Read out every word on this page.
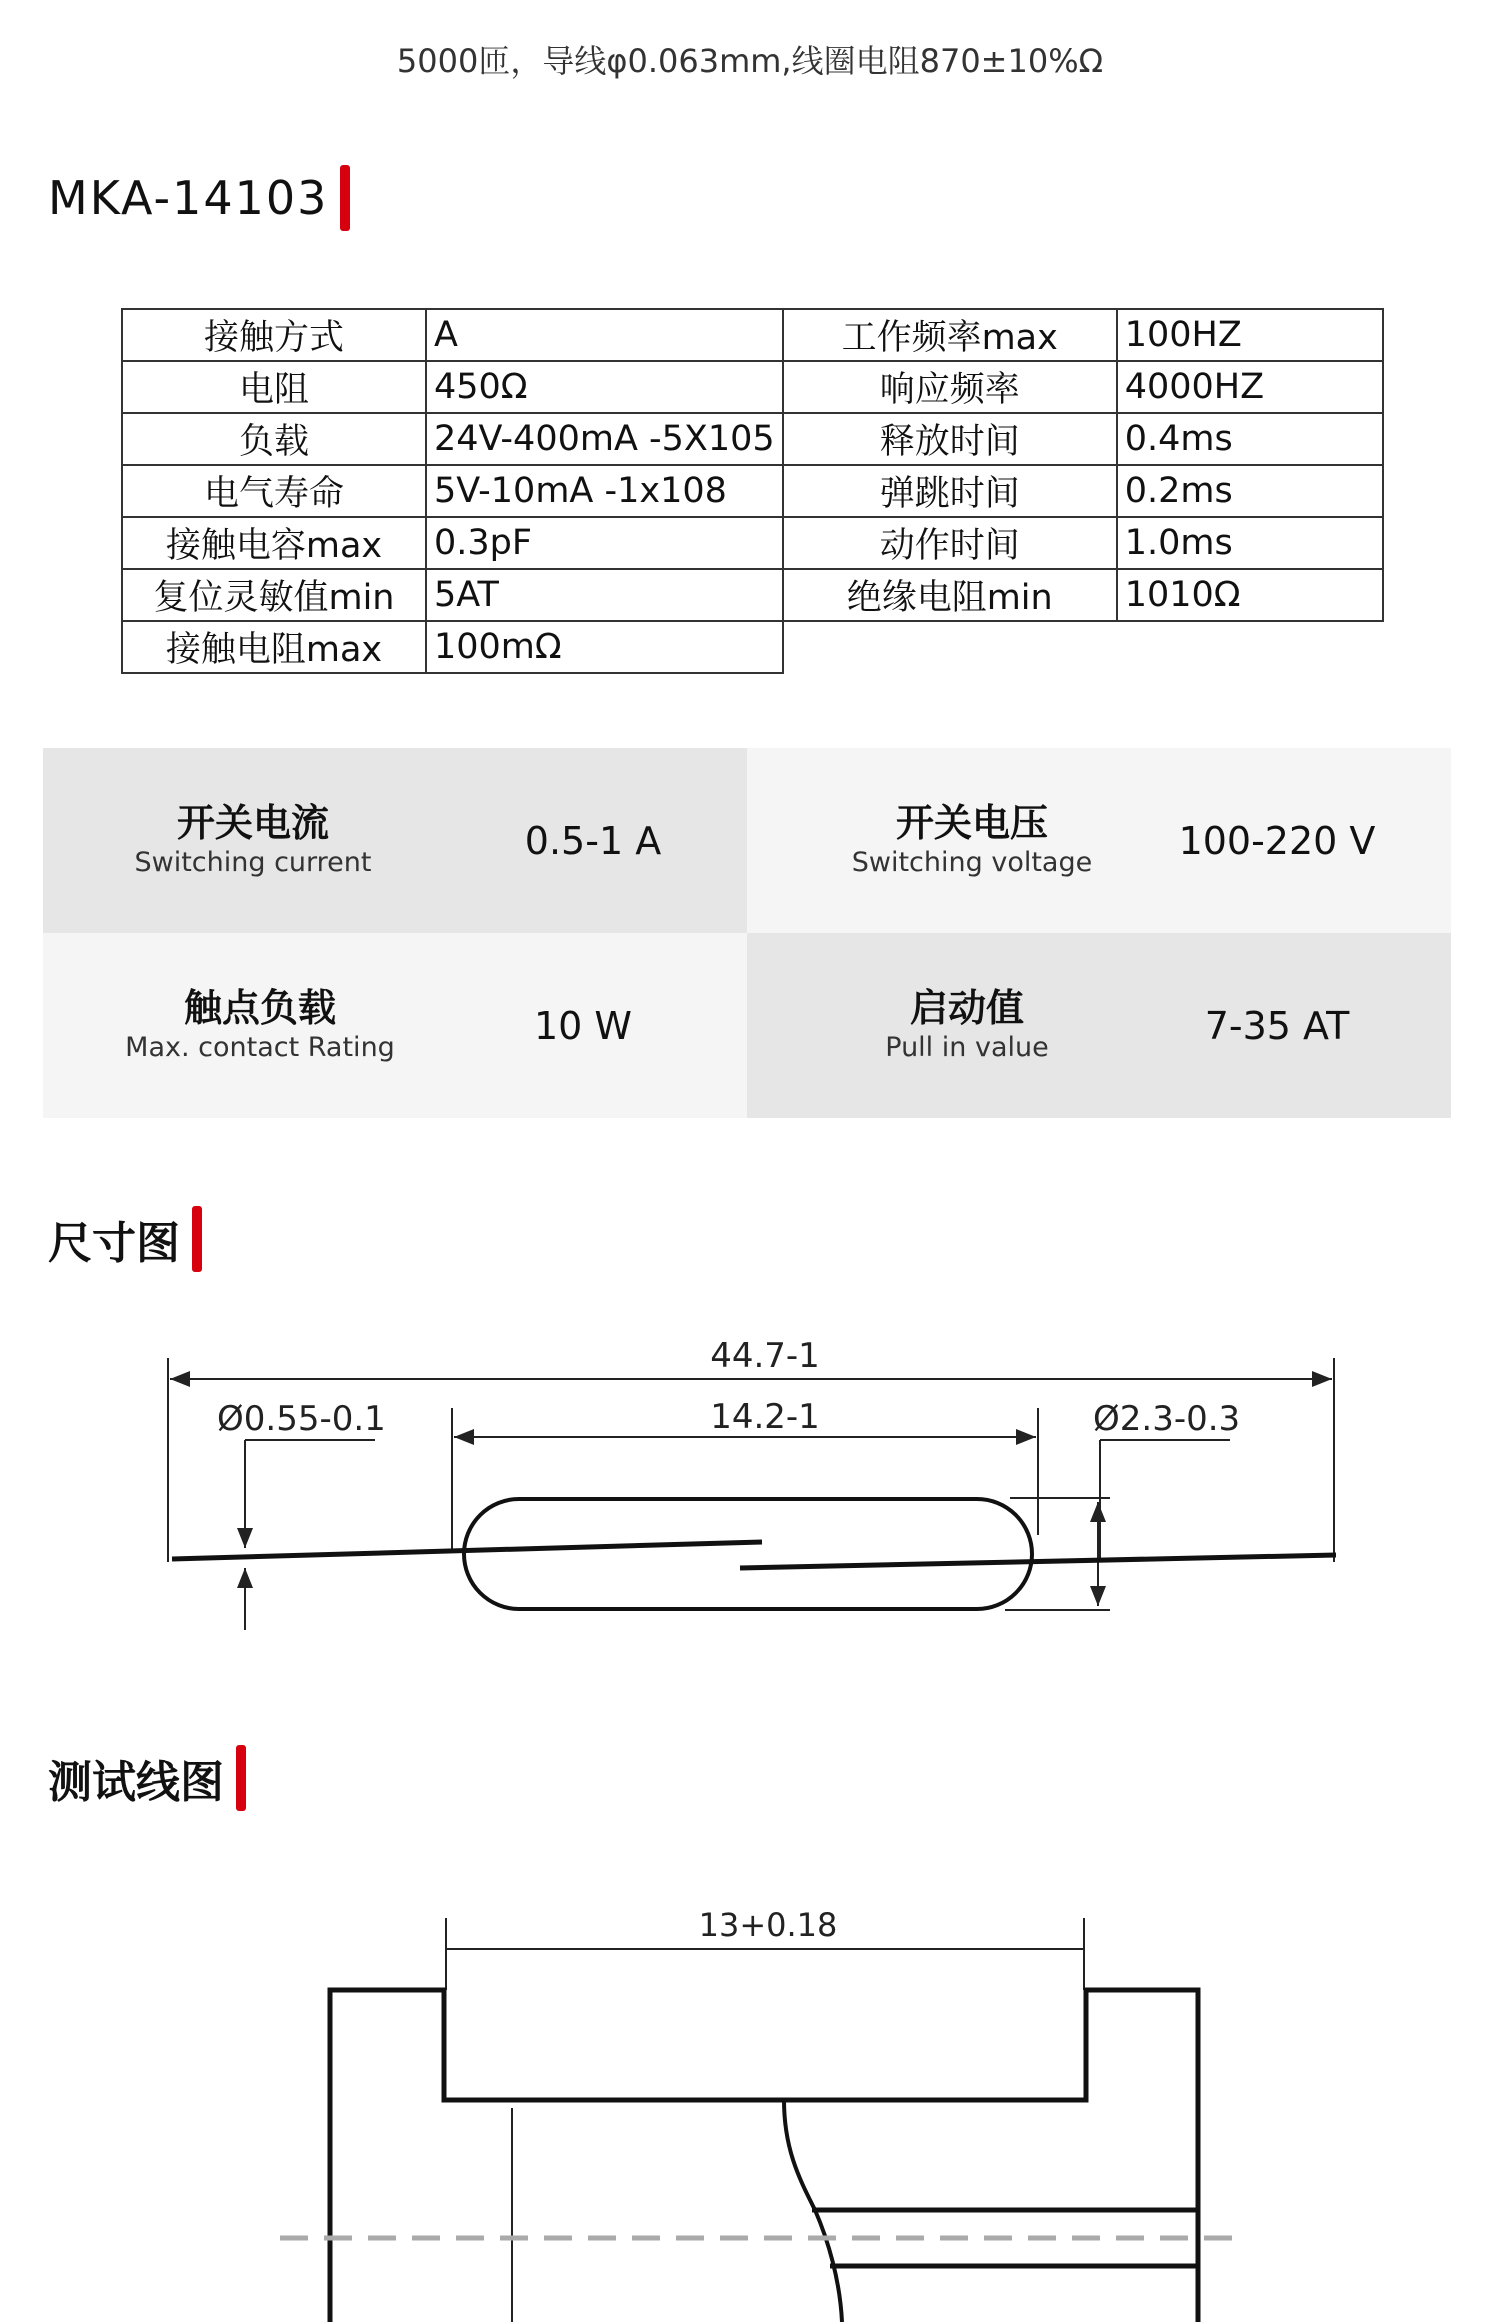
5000匝，导线φ0.063mm,线圈电阻870±10%Ω
MKA-14103
接触方式	A	工作频率max	100HZ
电阻	450Ω	响应频率	4000HZ
负载	24V-400mA -5X105	释放时间	0.4ms
电气寿命	5V-10mA -1x108	弹跳时间	0.2ms
接触电容max	0.3pF	动作时间	1.0ms
复位灵敏值min	5AT	绝缘电阻min	1010Ω
接触电阻max	100mΩ		
开关电流
Switching current	0.5-1 A	开关电压
Switching voltage	100-220 V
触点负载
Max. contact Rating	10 W	启动值
Pull in value	7-35 AT
尺寸图
44.7-1
14.2-1
Ø0.55-0.1	Ø2.3-0.3
测试线图
13+0.18
